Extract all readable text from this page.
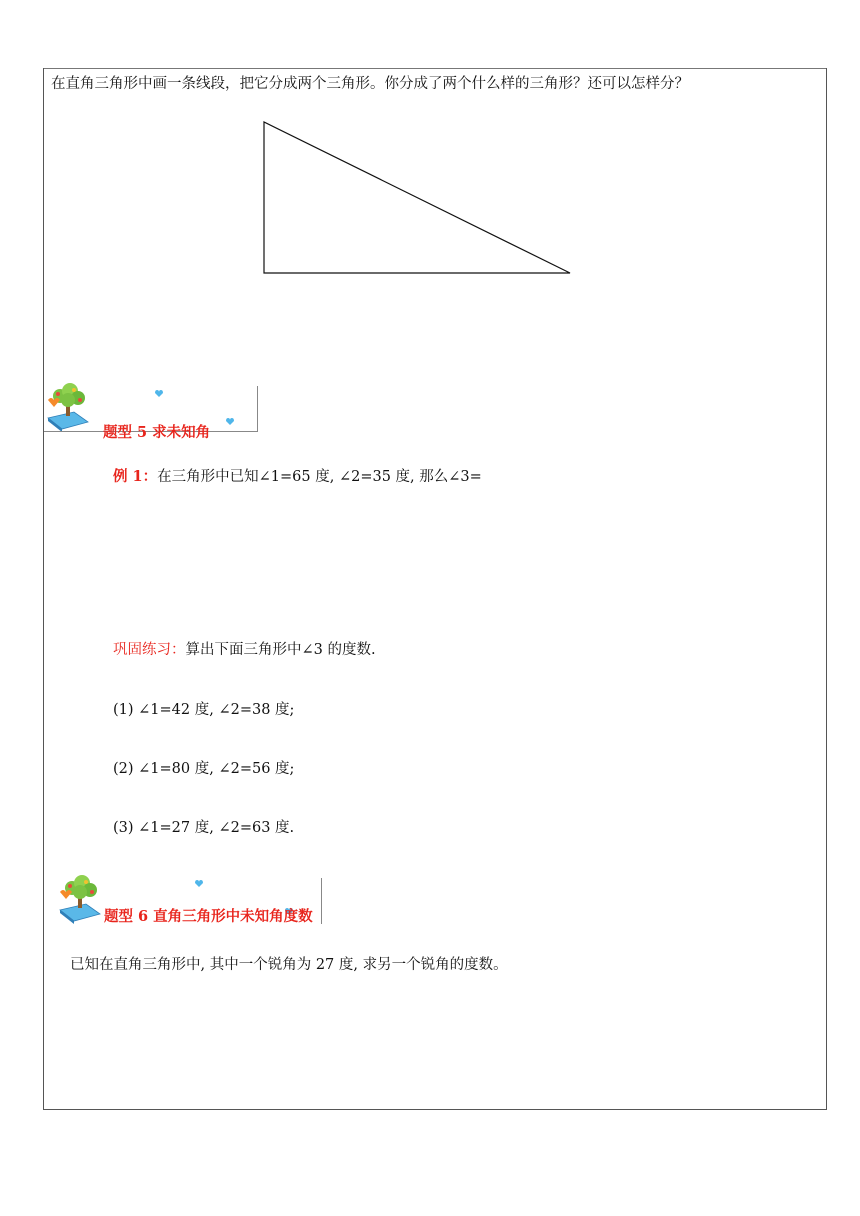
在直角三角形中画一条线段，把它分成两个三角形。你分成了两个什么样的三角形？还可以怎样分？
题型 5 求未知角
例 1：在三角形中已知∠1=65 度, ∠2=35 度, 那么∠3=
巩固练习：算出下面三角形中∠3 的度数.
(1) ∠1=42 度, ∠2=38 度;
(2) ∠1=80 度, ∠2=56 度;
(3) ∠1=27 度, ∠2=63 度.
题型 6 直角三角形中未知角度数
已知在直角三角形中, 其中一个锐角为 27 度, 求另一个锐角的度数。
